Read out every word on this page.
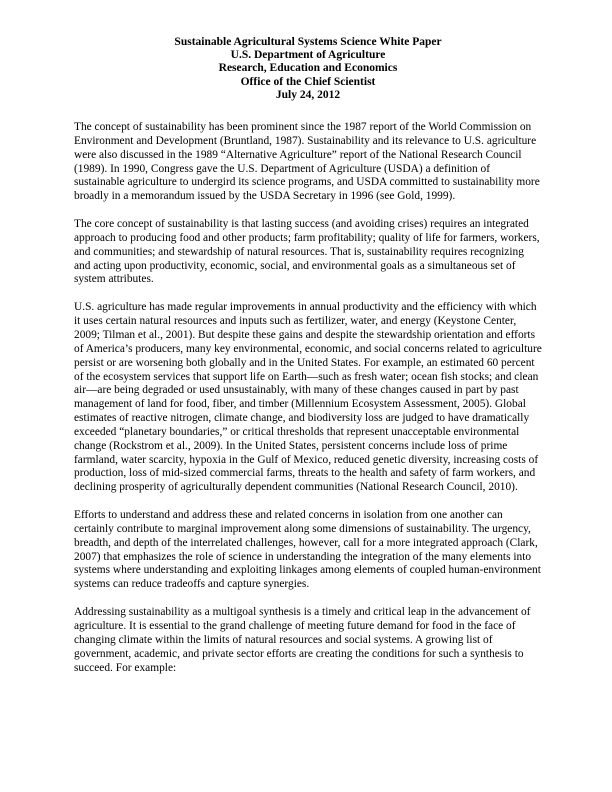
Sustainable Agricultural Systems Science White Paper
U.S. Department of Agriculture
Research, Education and Economics
Office of the Chief Scientist
July 24, 2012

The concept of sustainability has been prominent since the 1987 report of the World Commission on Environment and Development (Bruntland, 1987). Sustainability and its relevance to U.S. agriculture were also discussed in the 1989 “Alternative Agriculture” report of the National Research Council (1989). In 1990, Congress gave the U.S. Department of Agriculture (USDA) a definition of sustainable agriculture to undergird its science programs, and USDA committed to sustainability more broadly in a memorandum issued by the USDA Secretary in 1996 (see Gold, 1999).

The core concept of sustainability is that lasting success (and avoiding crises) requires an integrated approach to producing food and other products; farm profitability; quality of life for farmers, workers, and communities; and stewardship of natural resources. That is, sustainability requires recognizing and acting upon productivity, economic, social, and environmental goals as a simultaneous set of system attributes.

U.S. agriculture has made regular improvements in annual productivity and the efficiency with which it uses certain natural resources and inputs such as fertilizer, water, and energy (Keystone Center, 2009; Tilman et al., 2001). But despite these gains and despite the stewardship orientation and efforts of America’s producers, many key environmental, economic, and social concerns related to agriculture persist or are worsening both globally and in the United States. For example, an estimated 60 percent of the ecosystem services that support life on Earth—such as fresh water; ocean fish stocks; and clean air—are being degraded or used unsustainably, with many of these changes caused in part by past management of land for food, fiber, and timber (Millennium Ecosystem Assessment, 2005). Global estimates of reactive nitrogen, climate change, and biodiversity loss are judged to have dramatically exceeded “planetary boundaries,” or critical thresholds that represent unacceptable environmental change (Rockstrom et al., 2009). In the United States, persistent concerns include loss of prime farmland, water scarcity, hypoxia in the Gulf of Mexico, reduced genetic diversity, increasing costs of production, loss of mid-sized commercial farms, threats to the health and safety of farm workers, and declining prosperity of agriculturally dependent communities (National Research Council, 2010).

Efforts to understand and address these and related concerns in isolation from one another can certainly contribute to marginal improvement along some dimensions of sustainability. The urgency, breadth, and depth of the interrelated challenges, however, call for a more integrated approach (Clark, 2007) that emphasizes the role of science in understanding the integration of the many elements into systems where understanding and exploiting linkages among elements of coupled human-environment systems can reduce tradeoffs and capture synergies.

Addressing sustainability as a multigoal synthesis is a timely and critical leap in the advancement of agriculture. It is essential to the grand challenge of meeting future demand for food in the face of changing climate within the limits of natural resources and social systems. A growing list of government, academic, and private sector efforts are creating the conditions for such a synthesis to succeed. For example:
